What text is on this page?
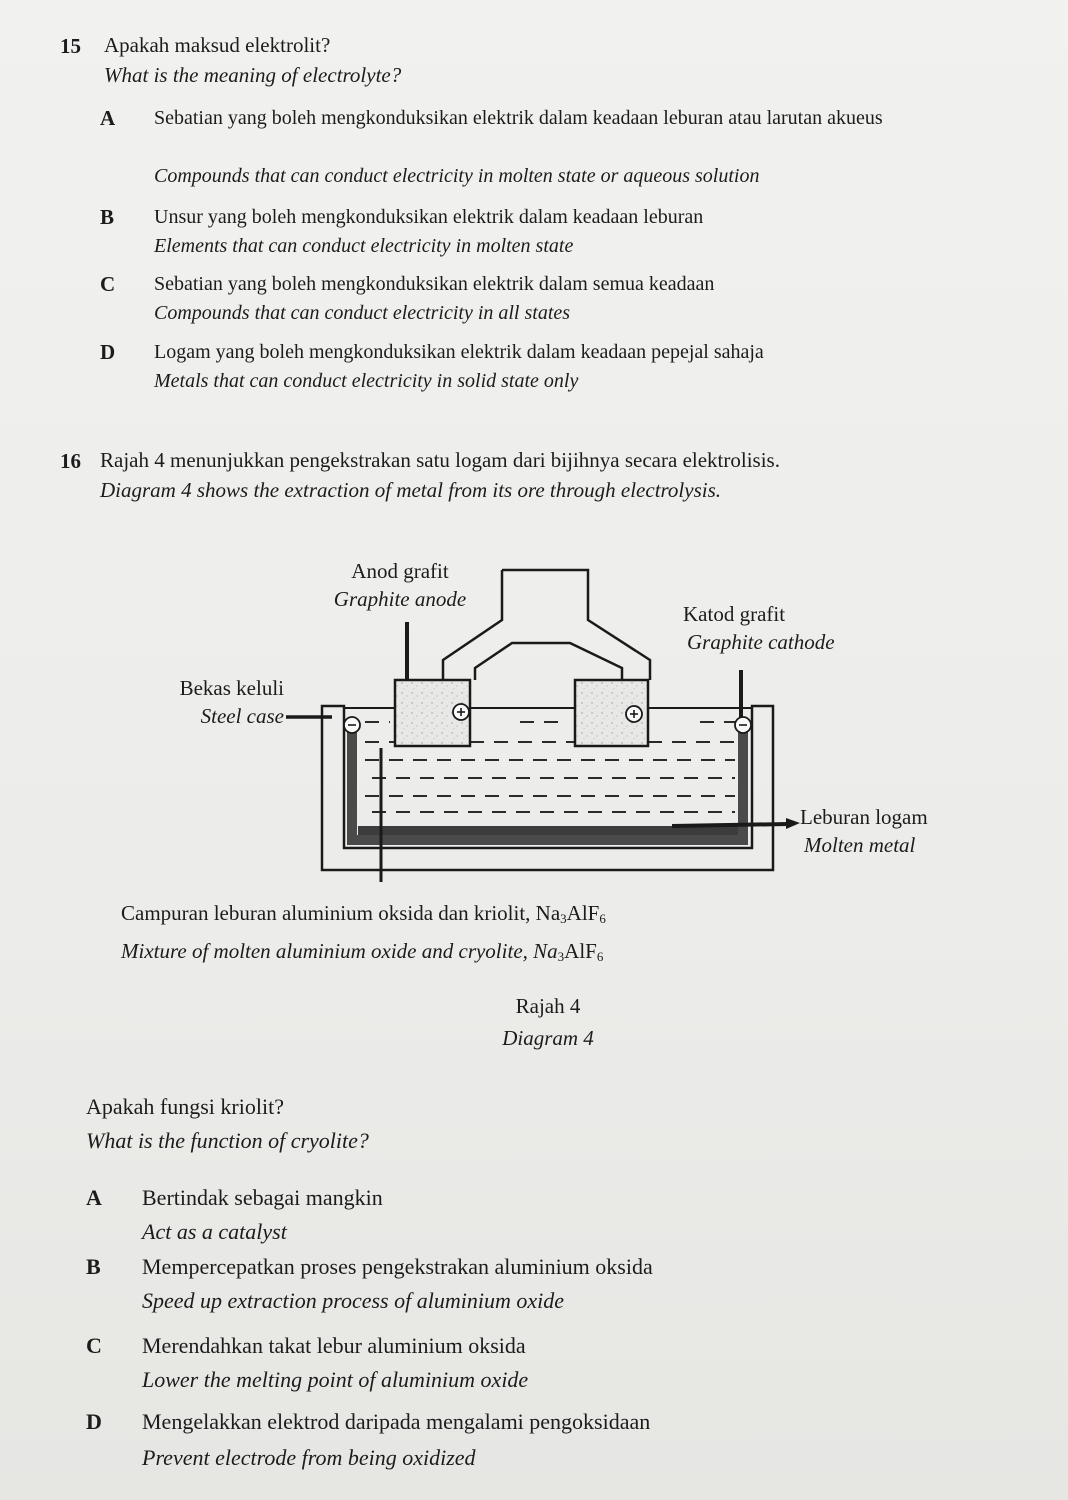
15 Apakah maksud elektrolit?
What is the meaning of electrolyte?
A Sebatian yang boleh mengkonduksikan elektrik dalam keadaan leburan atau larutan akueus
Compounds that can conduct electricity in molten state or aqueous solution
B Unsur yang boleh mengkonduksikan elektrik dalam keadaan leburan
Elements that can conduct electricity in molten state
C Sebatian yang boleh mengkonduksikan elektrik dalam semua keadaan
Compounds that can conduct electricity in all states
D Logam yang boleh mengkonduksikan elektrik dalam keadaan pepejal sahaja
Metals that can conduct electricity in solid state only
16 Rajah 4 menunjukkan pengekstrakan satu logam dari bijihnya secara elektrolisis.
Diagram 4 shows the extraction of metal from its ore through electrolysis.
Anod grafit
Graphite anode
Katod grafit
Graphite cathode
Bekas keluli
Steel case
Leburan logam
Molten metal
Campuran leburan aluminium oksida dan kriolit, $Na_3AlF_6$
Mixture of molten aluminium oxide and cryolite, $Na_3AlF_6$
Rajah 4
Diagram 4
Apakah fungsi kriolit?
What is the function of cryolite?
A Bertindak sebagai mangkin
Act as a catalyst
B Mempercepatkan proses pengekstrakan aluminium oksida
Speed up extraction process of aluminium oxide
C Merendahkan takat lebur aluminium oksida
Lower the melting point of aluminium oxide
D Mengelakkan elektrod daripada mengalami pengoksidaan
Prevent electrode from being oxidized
